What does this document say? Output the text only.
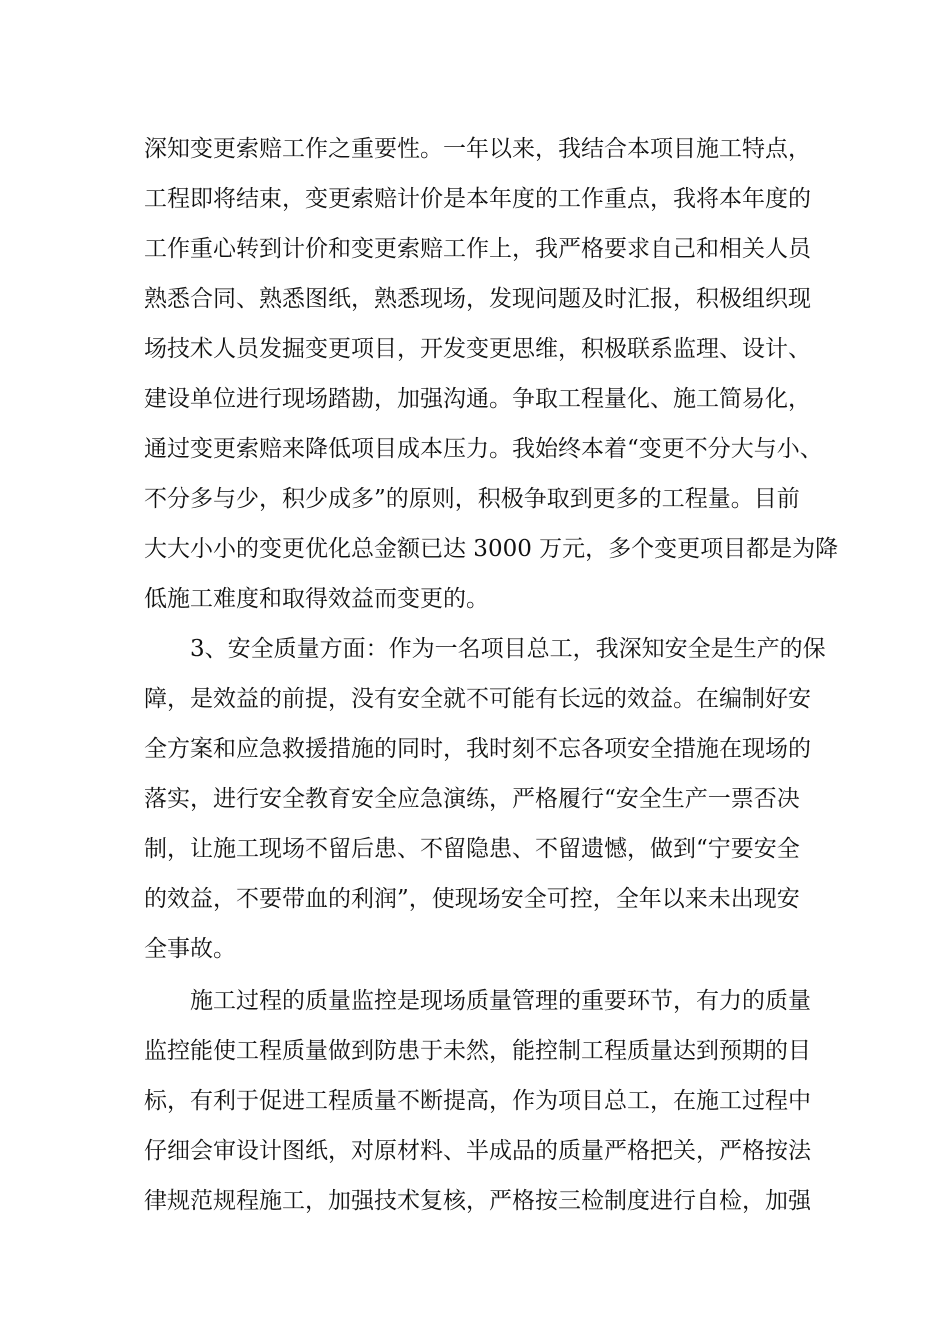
深知变更索赔工作之重要性。一年以来，我结合本项目施工特点，
工程即将结束，变更索赔计价是本年度的工作重点，我将本年度的
工作重心转到计价和变更索赔工作上，我严格要求自己和相关人员
熟悉合同、熟悉图纸，熟悉现场，发现问题及时汇报，积极组织现
场技术人员发掘变更项目，开发变更思维，积极联系监理、设计、
建设单位进行现场踏勘，加强沟通。争取工程量化、施工简易化，
通过变更索赔来降低项目成本压力。我始终本着“变更不分大与小、
不分多与少，积少成多”的原则，积极争取到更多的工程量。目前
大大小小的变更优化总金额已达 3000 万元，多个变更项目都是为降
低施工难度和取得效益而变更的。
3、安全质量方面：作为一名项目总工，我深知安全是生产的保
障，是效益的前提，没有安全就不可能有长远的效益。在编制好安
全方案和应急救援措施的同时，我时刻不忘各项安全措施在现场的
落实，进行安全教育安全应急演练，严格履行“安全生产一票否决
制，让施工现场不留后患、不留隐患、不留遗憾，做到“宁要安全
的效益，不要带血的利润”，使现场安全可控，全年以来未出现安
全事故。
施工过程的质量监控是现场质量管理的重要环节，有力的质量
监控能使工程质量做到防患于未然，能控制工程质量达到预期的目
标，有利于促进工程质量不断提高，作为项目总工，在施工过程中
仔细会审设计图纸，对原材料、半成品的质量严格把关，严格按法
律规范规程施工，加强技术复核，严格按三检制度进行自检，加强
